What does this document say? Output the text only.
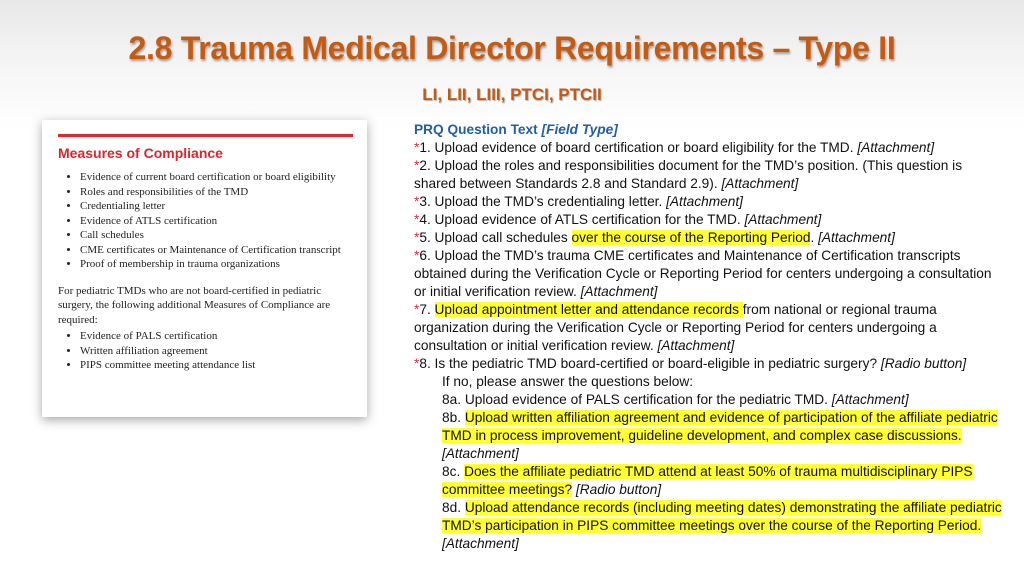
2.8 Trauma Medical Director Requirements – Type II
LI, LII, LIII, PTCI, PTCII
Measures of Compliance
• Evidence of current board certification or board eligibility
• Roles and responsibilities of the TMD
• Credentialing letter
• Evidence of ATLS certification
• Call schedules
• CME certificates or Maintenance of Certification transcript
• Proof of membership in trauma organizations

For pediatric TMDs who are not board-certified in pediatric surgery, the following additional Measures of Compliance are required:

• Evidence of PALS certification
• Written affiliation agreement
• PIPS committee meeting attendance list
PRQ Question Text [Field Type]
*1. Upload evidence of board certification or board eligibility for the TMD. [Attachment]
*2. Upload the roles and responsibilities document for the TMD’s position. (This question is shared between Standards 2.8 and Standard 2.9). [Attachment]
*3. Upload the TMD’s credentialing letter. [Attachment]
*4. Upload evidence of ATLS certification for the TMD. [Attachment]
*5. Upload call schedules over the course of the Reporting Period. [Attachment]
*6. Upload the TMD’s trauma CME certificates and Maintenance of Certification transcripts obtained during the Verification Cycle or Reporting Period for centers undergoing a consultation or initial verification review. [Attachment]
*7. Upload appointment letter and attendance records from national or regional trauma organization during the Verification Cycle or Reporting Period for centers undergoing a consultation or initial verification review. [Attachment]
*8. Is the pediatric TMD board-certified or board-eligible in pediatric surgery? [Radio button]
If no, please answer the questions below:
8a. Upload evidence of PALS certification for the pediatric TMD. [Attachment]
8b. Upload written affiliation agreement and evidence of participation of the affiliate pediatric TMD in process improvement, guideline development, and complex case discussions. [Attachment]
8c. Does the affiliate pediatric TMD attend at least 50% of trauma multidisciplinary PIPS committee meetings? [Radio button]
8d. Upload attendance records (including meeting dates) demonstrating the affiliate pediatric TMD’s participation in PIPS committee meetings over the course of the Reporting Period. [Attachment]
